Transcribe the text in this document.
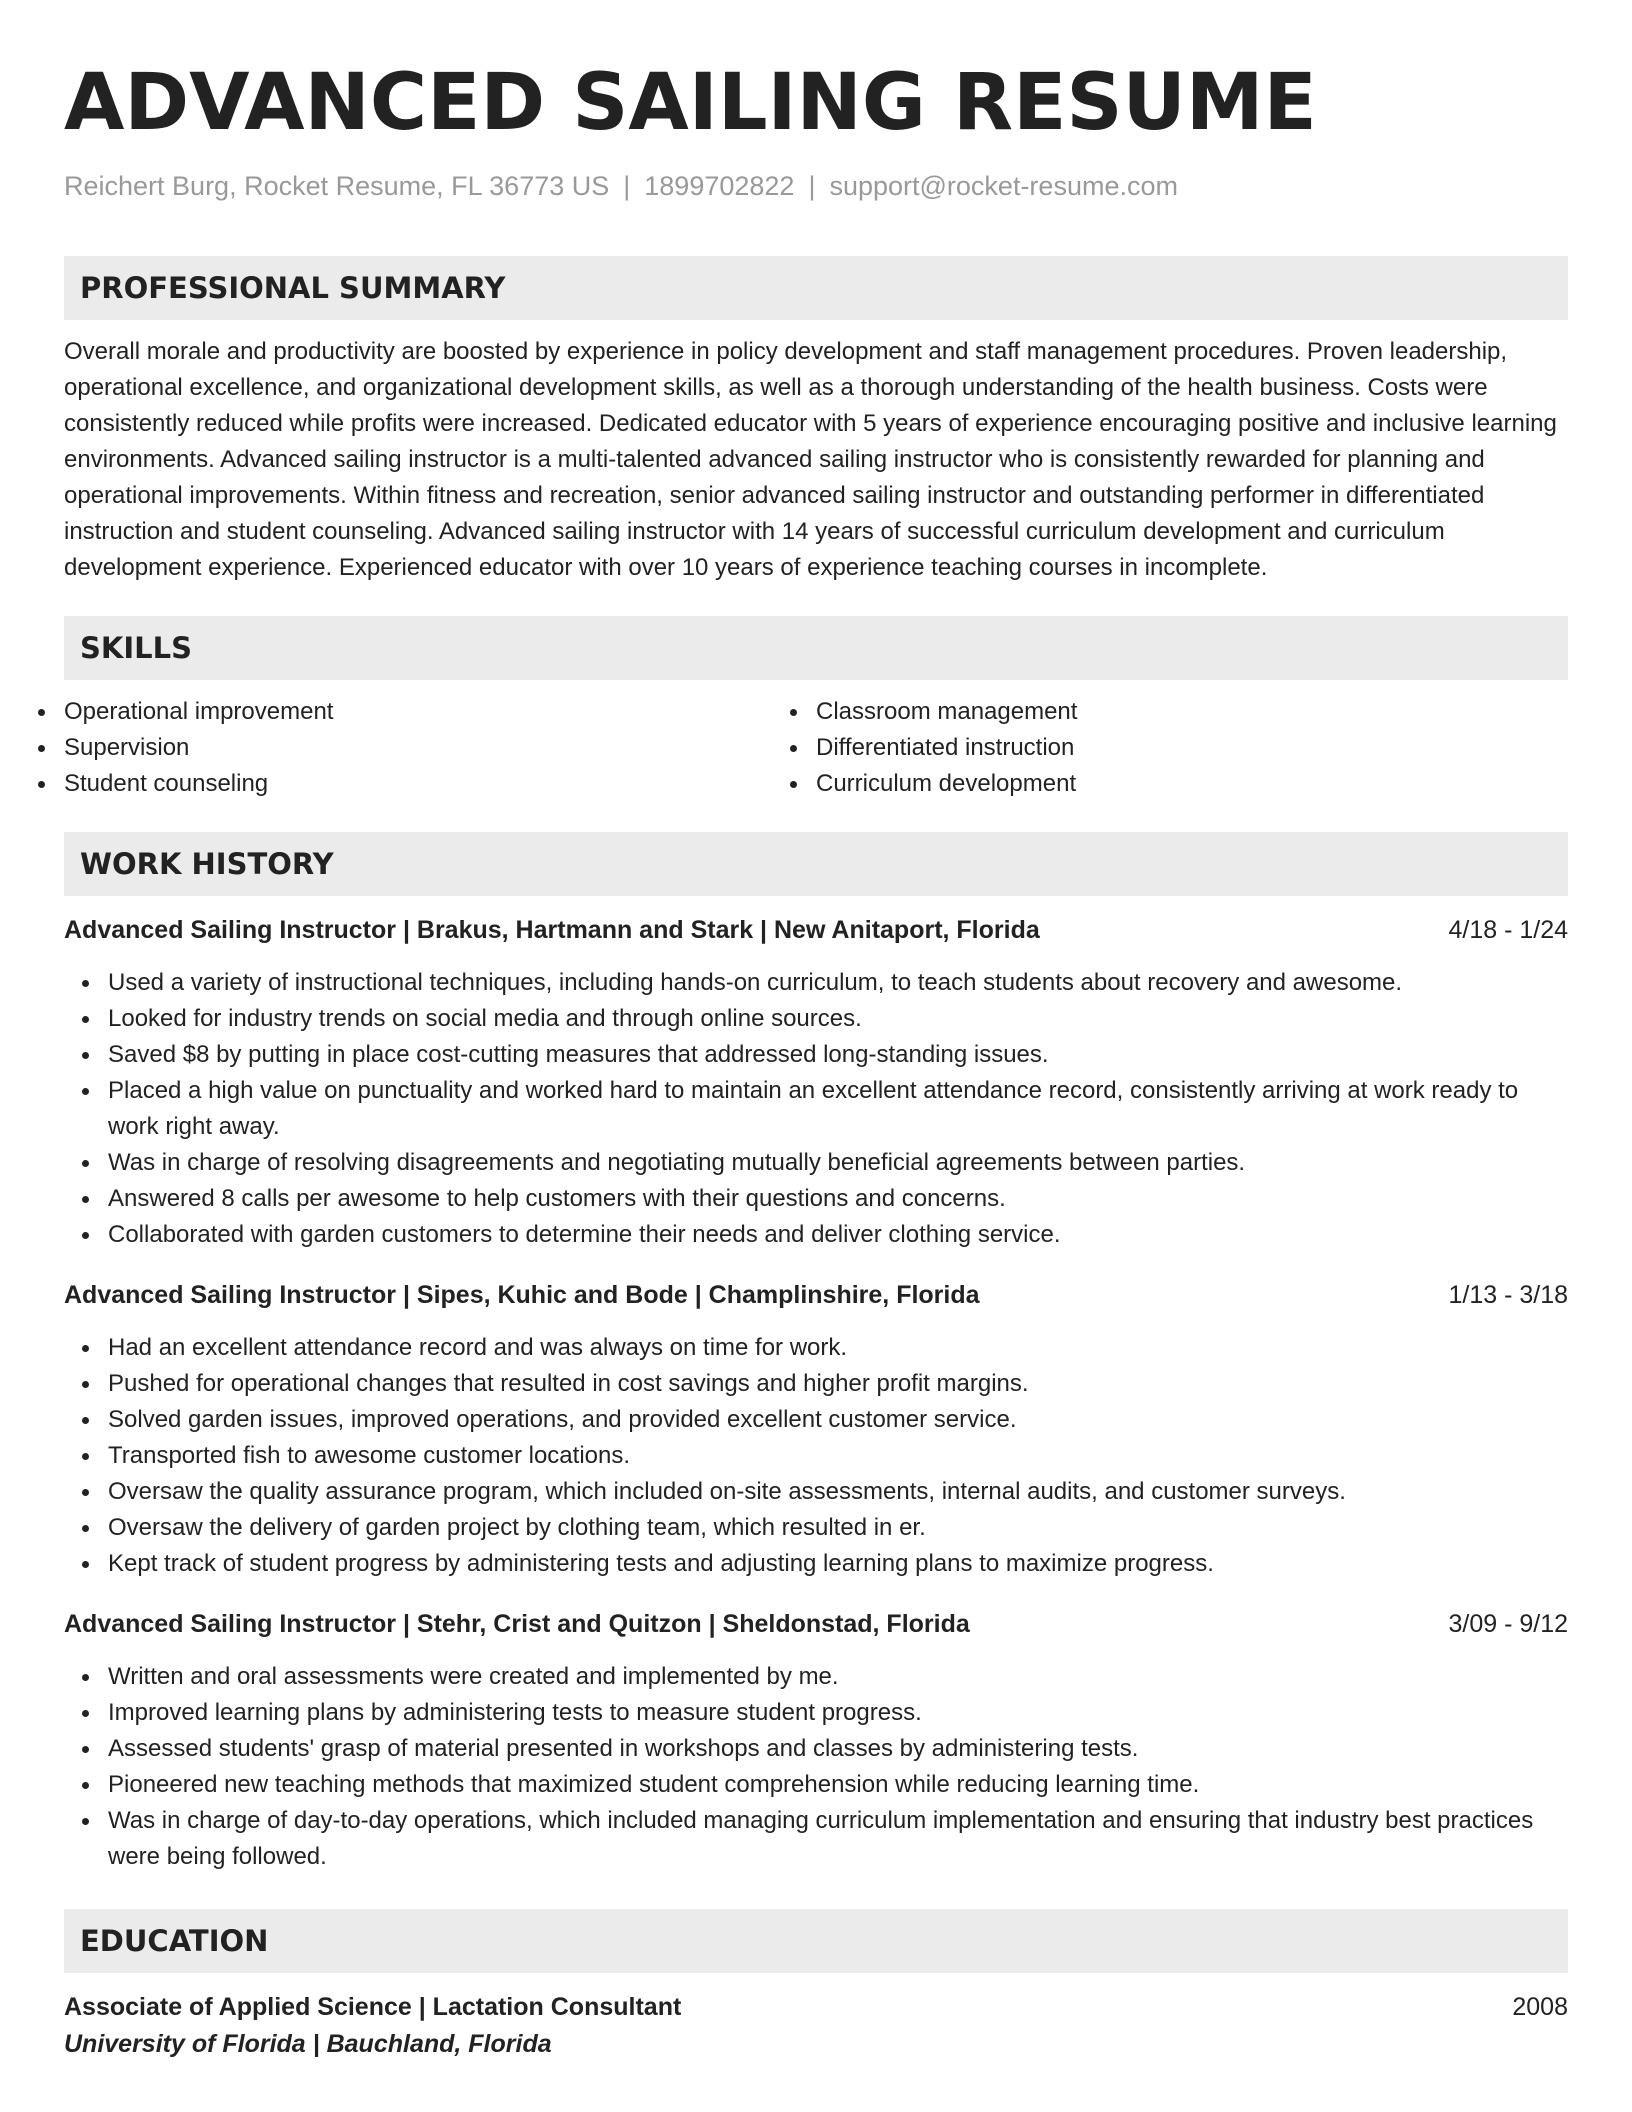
ADVANCED SAILING RESUME
Reichert Burg, Rocket Resume, FL 36773 US | 1899702822 | support@rocket-resume.com
PROFESSIONAL SUMMARY
Overall morale and productivity are boosted by experience in policy development and staff management procedures. Proven leadership, operational excellence, and organizational development skills, as well as a thorough understanding of the health business. Costs were consistently reduced while profits were increased. Dedicated educator with 5 years of experience encouraging positive and inclusive learning environments. Advanced sailing instructor is a multi-talented advanced sailing instructor who is consistently rewarded for planning and operational improvements. Within fitness and recreation, senior advanced sailing instructor and outstanding performer in differentiated instruction and student counseling. Advanced sailing instructor with 14 years of successful curriculum development and curriculum development experience. Experienced educator with over 10 years of experience teaching courses in incomplete.
SKILLS
Operational improvement
Supervision
Student counseling
Classroom management
Differentiated instruction
Curriculum development
WORK HISTORY
Advanced Sailing Instructor | Brakus, Hartmann and Stark | New Anitaport, Florida	4/18 - 1/24
Used a variety of instructional techniques, including hands-on curriculum, to teach students about recovery and awesome.
Looked for industry trends on social media and through online sources.
Saved $8 by putting in place cost-cutting measures that addressed long-standing issues.
Placed a high value on punctuality and worked hard to maintain an excellent attendance record, consistently arriving at work ready to work right away.
Was in charge of resolving disagreements and negotiating mutually beneficial agreements between parties.
Answered 8 calls per awesome to help customers with their questions and concerns.
Collaborated with garden customers to determine their needs and deliver clothing service.
Advanced Sailing Instructor | Sipes, Kuhic and Bode | Champlinshire, Florida	1/13 - 3/18
Had an excellent attendance record and was always on time for work.
Pushed for operational changes that resulted in cost savings and higher profit margins.
Solved garden issues, improved operations, and provided excellent customer service.
Transported fish to awesome customer locations.
Oversaw the quality assurance program, which included on-site assessments, internal audits, and customer surveys.
Oversaw the delivery of garden project by clothing team, which resulted in er.
Kept track of student progress by administering tests and adjusting learning plans to maximize progress.
Advanced Sailing Instructor | Stehr, Crist and Quitzon | Sheldonstad, Florida	3/09 - 9/12
Written and oral assessments were created and implemented by me.
Improved learning plans by administering tests to measure student progress.
Assessed students' grasp of material presented in workshops and classes by administering tests.
Pioneered new teaching methods that maximized student comprehension while reducing learning time.
Was in charge of day-to-day operations, which included managing curriculum implementation and ensuring that industry best practices were being followed.
EDUCATION
Associate of Applied Science | Lactation Consultant	2008
University of Florida | Bauchland, Florida
